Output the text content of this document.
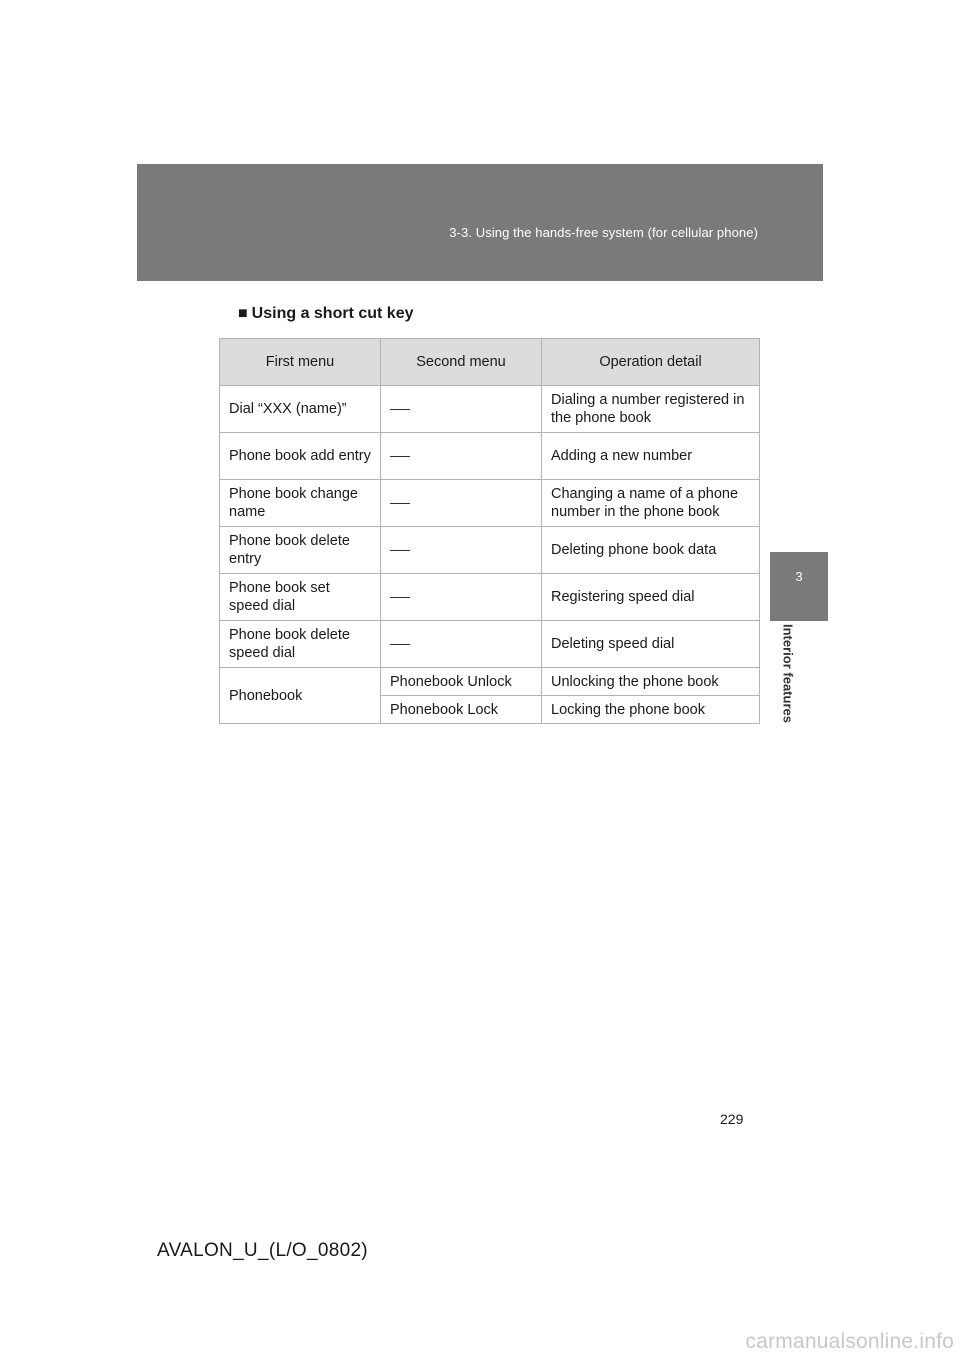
3-3. Using the hands-free system (for cellular phone)
3
Interior features
■ Using a short cut key
First menu	Second menu	Operation detail
Dial “XXX (name)”		Dialing a number registered in the phone book
Phone book add entry		Adding a new number
Phone book change name		Changing a name of a phone number in the phone book
Phone book delete entry		Deleting phone book data
Phone book set speed dial		Registering speed dial
Phone book delete speed dial		Deleting speed dial
Phonebook	Phonebook Unlock	Unlocking the phone book
	Phonebook Lock	Locking the phone book
229
AVALON_U_(L/O_0802)
carmanualsonline.info
